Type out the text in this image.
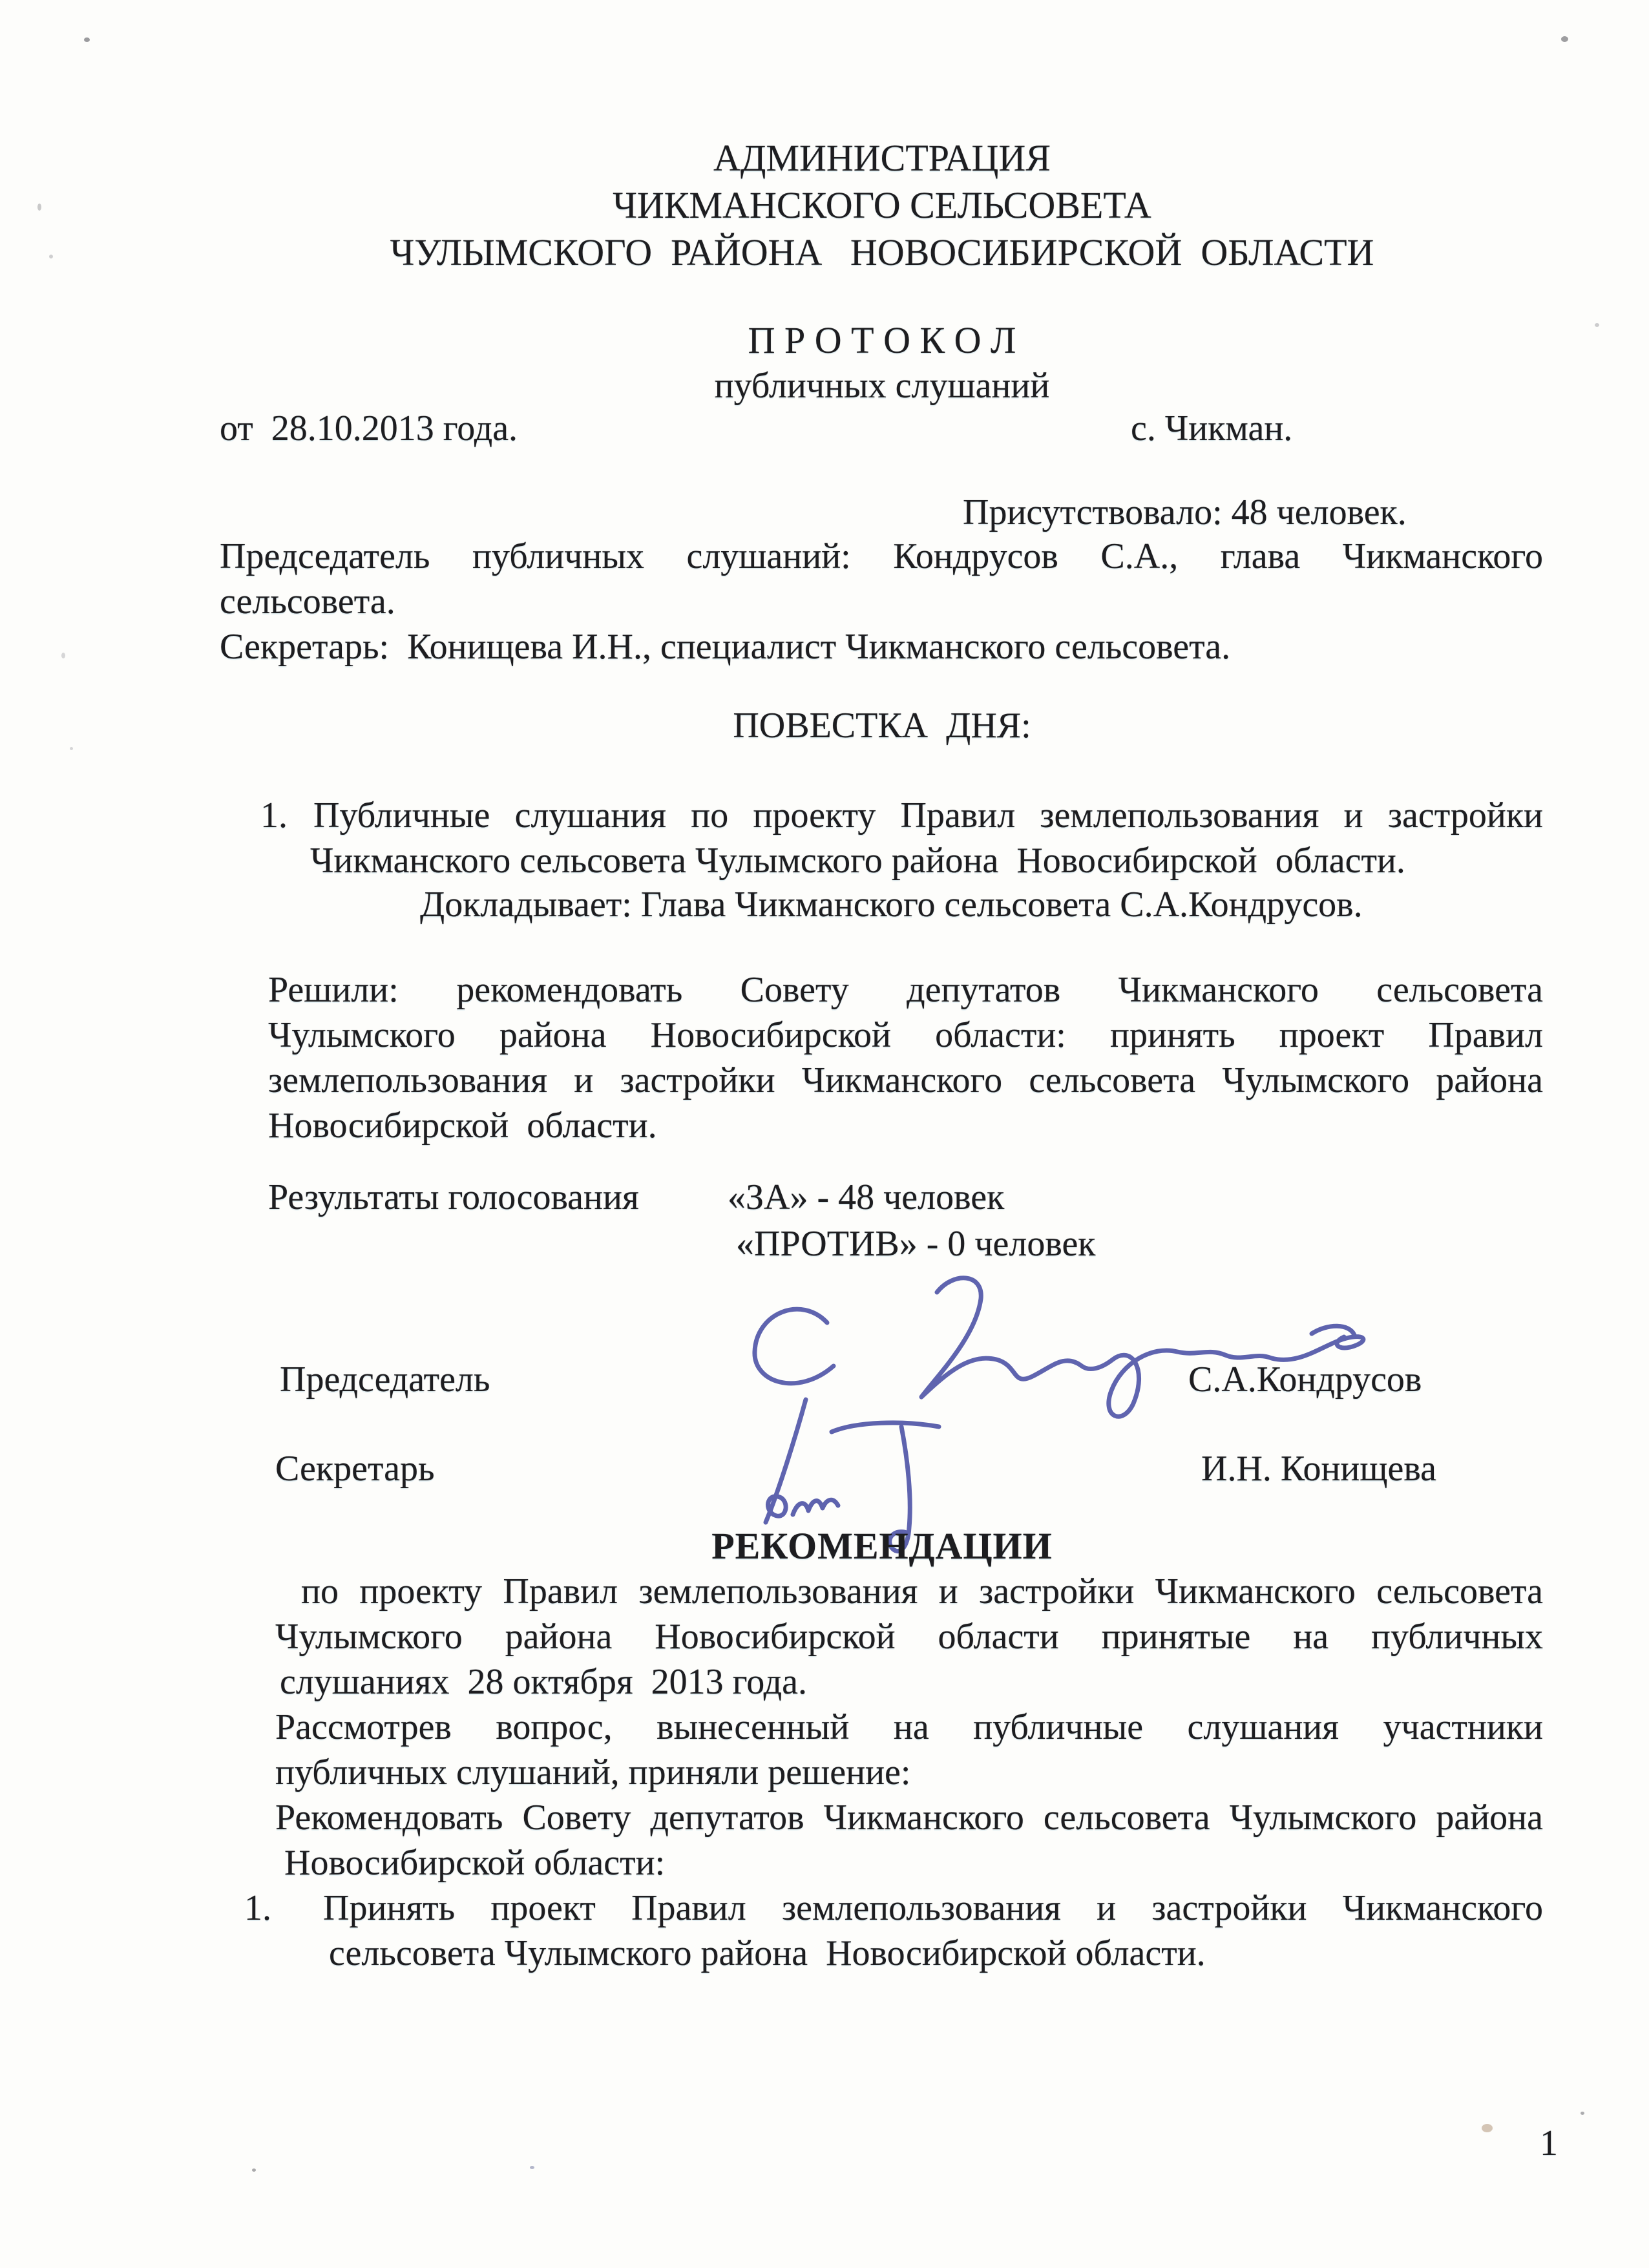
АДМИНИСТРАЦИЯ
ЧИКМАНСКОГО СЕЛЬСОВЕТА
ЧУЛЫМСКОГО  РАЙОНА   НОВОСИБИРСКОЙ  ОБЛАСТИ
П Р О Т О К О Л
публичных слушаний
от  28.10.2013 года.	с. Чикман.
Присутствовало: 48 человек.
Председатель публичных слушаний: Кондрусов С.А., глава Чикманского
сельсовета.
Секретарь:  Конищева И.Н., специалист Чикманского сельсовета.
ПОВЕСТКА  ДНЯ:
1. Публичные слушания по проекту Правил землепользования и застройки
Чикманского сельсовета Чулымского района  Новосибирской  области.
Докладывает: Глава Чикманского сельсовета С.А.Кондрусов.
Решили: рекомендовать Совету депутатов Чикманского сельсовета
Чулымского района Новосибирской области: принять проект Правил
землепользования и застройки Чикманского сельсовета Чулымского района
Новосибирской  области.
Результаты голосования «ЗА» - 48 человек
«ПРОТИВ» - 0 человек
Председатель	С.А.Кондрусов
Секретарь	И.Н. Конищева
РЕКОМЕНДАЦИИ
по проекту Правил землепользования и застройки Чикманского сельсовета
Чулымского района Новосибирской области принятые на публичных
слушаниях  28 октября  2013 года.
Рассмотрев вопрос, вынесенный на публичные слушания участники
публичных слушаний, приняли решение:
Рекомендовать Совету депутатов Чикманского сельсовета Чулымского района
Новосибирской области:
1. Принять проект Правил землепользования и застройки Чикманского
сельсовета Чулымского района  Новосибирской области.
1
